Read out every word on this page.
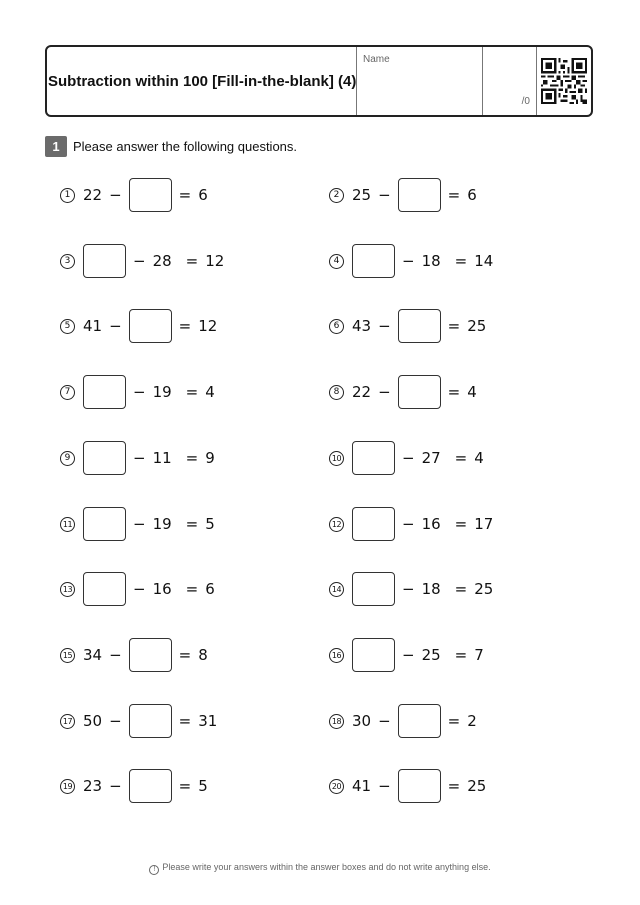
Subtraction within 100 [Fill-in-the-blank] (4)
Name
/0
1	Please answer the following questions.
1 22 −	= 6	2 25 −	= 6
3	− 28 = 12	4	− 18 = 14
5 41 −	= 12	6 43 −	= 25
7	− 19 = 4	8 22 −	= 4
9	− 11 = 9	10	− 27 = 4
11	− 19 = 5	12	− 16 = 17
13	− 16 = 6	14	− 18 = 25
15 34 −	= 8	16	− 25 = 7
17 50 −	= 31	18 30 −	= 2
19 23 −	= 5	20 41 −	= 25
! Please write your answers within the answer boxes and do not write anything else.
